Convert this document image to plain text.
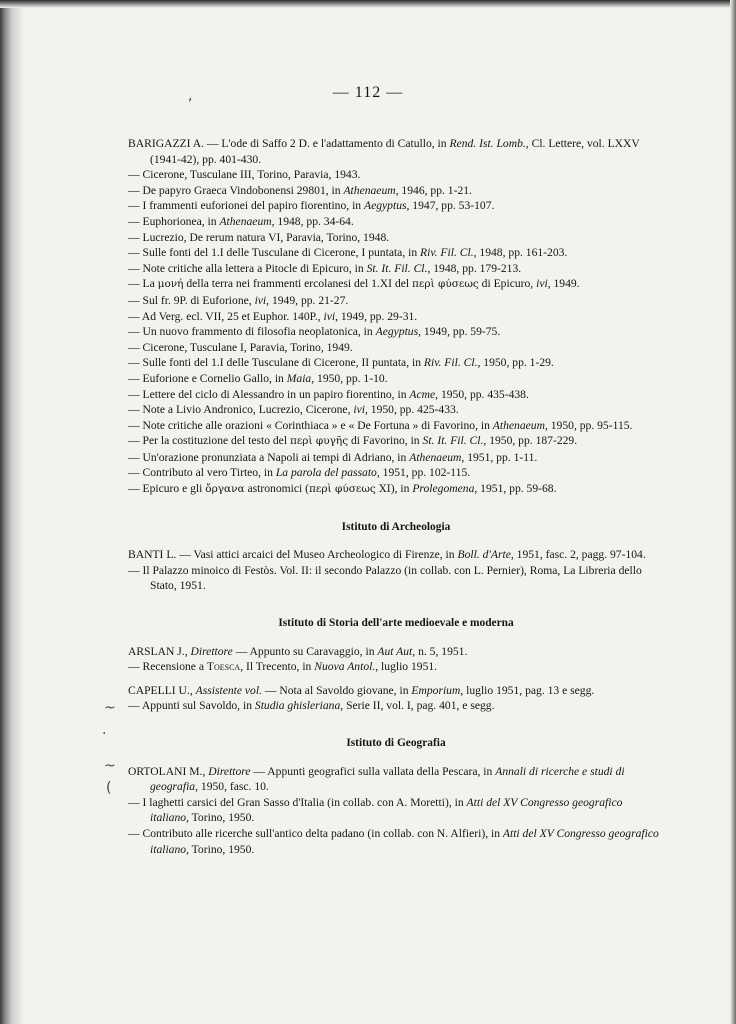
— 112 —
,
~
·
~
(

BARIGAZZI A. — L'ode di Saffo 2 D. e l'adattamento di Catullo, in Rend. Ist. Lomb., Cl. Lettere, vol. LXXV (1941-42), pp. 401-430.

— Cicerone, Tusculane III, Torino, Paravia, 1943.

— De papyro Graeca Vindobonensi 29801, in Athenaeum, 1946, pp. 1-21.

— I frammenti euforionei del papiro fiorentino, in Aegyptus, 1947, pp. 53-107.

— Euphorionea, in Athenaeum, 1948, pp. 34-64.

— Lucrezio, De rerum natura VI, Paravia, Torino, 1948.

— Sulle fonti del 1.I delle Tusculane di Cicerone, I puntata, in Riv. Fil. Cl., 1948, pp. 161-203.

— Note critiche alla lettera a Pitocle di Epicuro, in St. It. Fil. Cl., 1948, pp. 179-213.

— La μονή della terra nei frammenti ercolanesi del 1.XI del περὶ φύσεως di Epicuro, ivi, 1949.

— Sul fr. 9P. di Euforione, ivi, 1949, pp. 21-27.

— Ad Verg. ecl. VII, 25 et Euphor. 140P., ivi, 1949, pp. 29-31.

— Un nuovo frammento di filosofia neoplatonica, in Aegyptus, 1949, pp. 59-75.

— Cicerone, Tusculane I, Paravia, Torino, 1949.

— Sulle fonti del 1.I delle Tusculane di Cicerone, II puntata, in Riv. Fil. Cl., 1950, pp. 1-29.

— Euforione e Cornelio Gallo, in Maia, 1950, pp. 1-10.

— Lettere del ciclo di Alessandro in un papiro fiorentino, in Acme, 1950, pp. 435-438.

— Note a Livio Andronico, Lucrezio, Cicerone, ivi, 1950, pp. 425-433.

— Note critiche alle orazioni « Corinthiaca » e « De Fortuna » di Favorino, in Athenaeum, 1950, pp. 95-115.

— Per la costituzione del testo del περὶ φυγῆς di Favorino, in St. It. Fil. Cl., 1950, pp. 187-229.

— Un'orazione pronunziata a Napoli ai tempi di Adriano, in Athenaeum, 1951, pp. 1-11.

— Contributo al vero Tirteo, in La parola del passato, 1951, pp. 102-115.

— Epicuro e gli ὄργανα astronomici (περὶ φύσεως XI), in Prolegomena, 1951, pp. 59-68.

Istituto di Archeologia

BANTI L. — Vasi attici arcaici del Museo Archeologico di Firenze, in Boll. d'Arte, 1951, fasc. 2, pagg. 97-104.

— Il Palazzo minoico di Festòs. Vol. II: il secondo Palazzo (in collab. con L. Pernier), Roma, La Libreria dello Stato, 1951.

Istituto di Storia dell'arte medioevale e moderna

ARSLAN J., Direttore — Appunto su Caravaggio, in Aut Aut, n. 5, 1951.

— Recensione a Toesca, Il Trecento, in Nuova Antol., luglio 1951.

CAPELLI U., Assistente vol. — Nota al Savoldo giovane, in Emporium, luglio 1951, pag. 13 e segg.

— Appunti sul Savoldo, in Studia ghisleriana, Serie II, vol. I, pag. 401, e segg.

Istituto di Geografia

ORTOLANI M., Direttore — Appunti geografici sulla vallata della Pescara, in Annali di ricerche e studi di geografia, 1950, fasc. 10.

— I laghetti carsici del Gran Sasso d'Italia (in collab. con A. Moretti), in Atti del XV Congresso geografico italiano, Torino, 1950.

— Contributo alle ricerche sull'antico delta padano (in collab. con N. Alfieri), in Atti del XV Congresso geografico italiano, Torino, 1950.
